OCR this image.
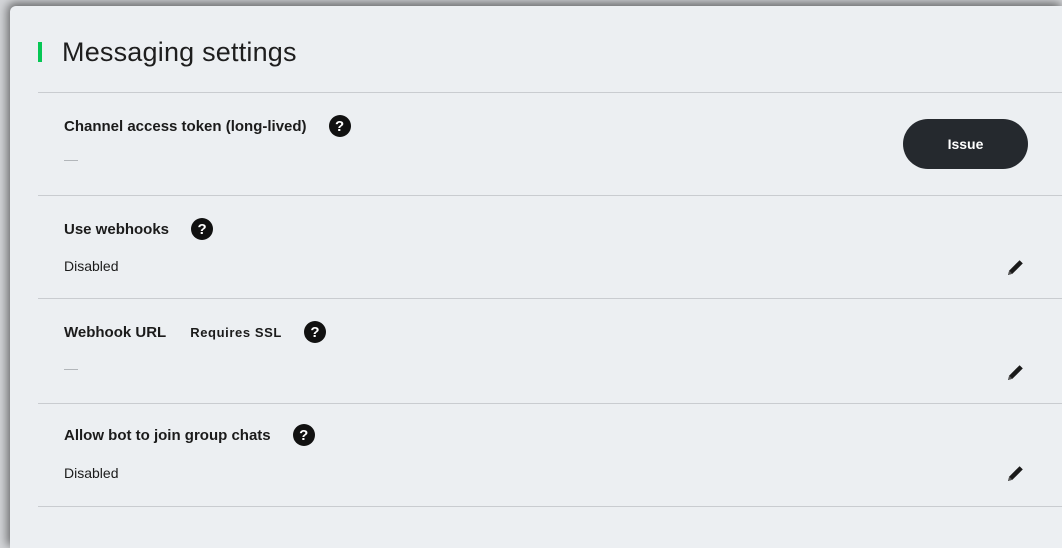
Messaging settings
Channel access token (long-lived)	?
—
Issue
Use webhooks	?
Disabled
Webhook URL Requires SSL	?
—
Allow bot to join group chats	?
Disabled
